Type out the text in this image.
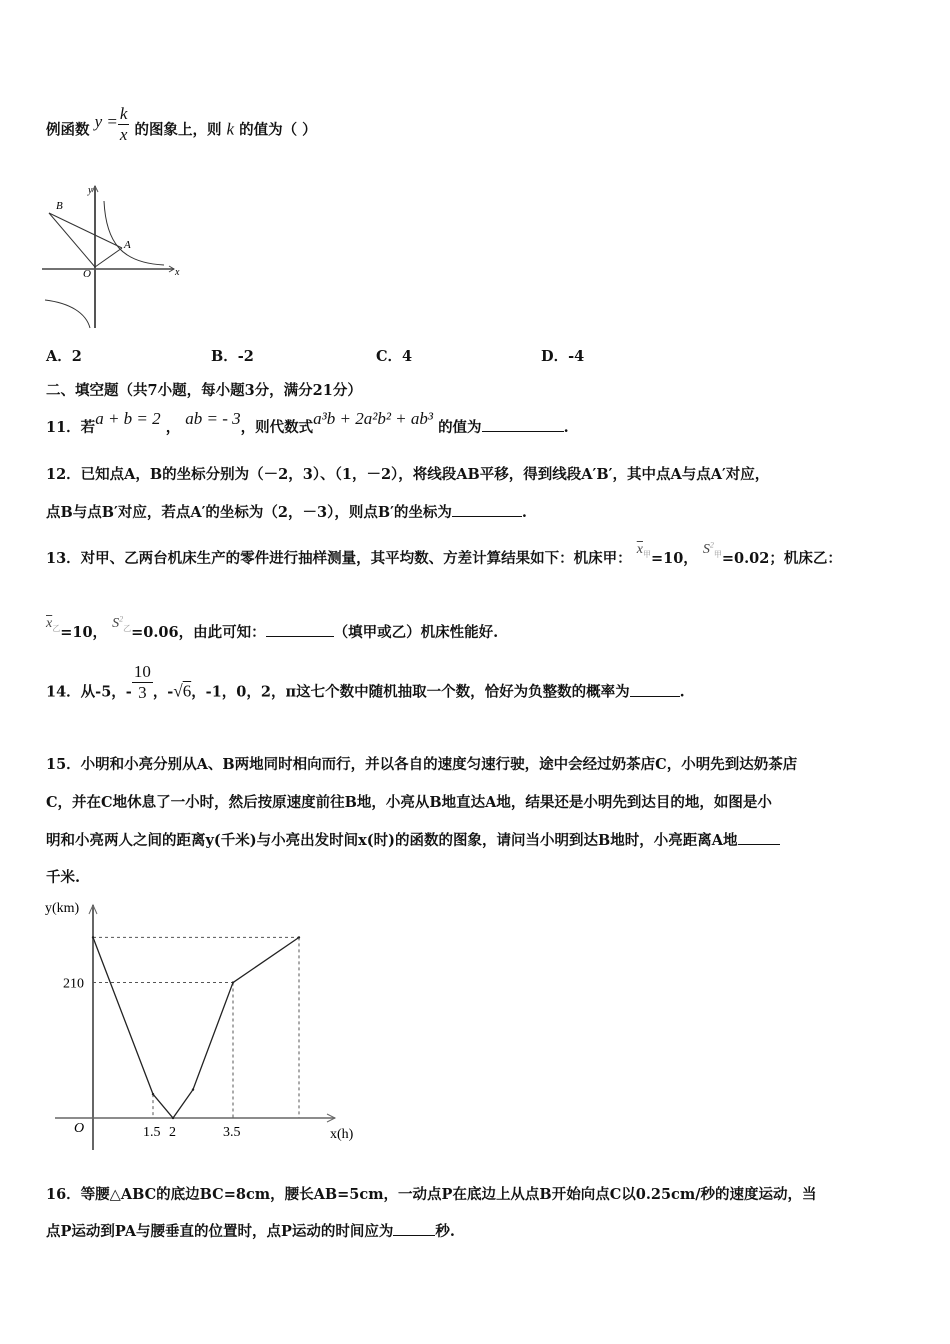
例函数 $y = \frac{k}{x}$ 的图象上，则 k 的值为（ ）
B
A
O
y
x
A．2	B．-2	C．4	D．-4
二、填空题（共7小题，每小题3分，满分21分）
11．若a + b = 2 ， ab = - 3，则代数式a³b + 2a²b² + ab³ 的值为	.
12．已知点A，B的坐标分别为（－2，3）、（1，－2），将线段AB平移，得到线段A′B′，其中点A与点A′对应，
点B与点B′对应，若点A′的坐标为（2，－3），则点B′的坐标为	.
13．对甲、乙两台机床生产的零件进行抽样测量，其平均数、方差计算结果如下：机床甲： $\overline{x}_甲=10$， $S^2_甲=0.02$；机床乙：
$\overline{x}_乙=10$， $S^2_乙=0.06$，由此可知：	（填甲或乙）机床性能好.
14．从-5，- $\frac{10}{3}$ ，-√6，-1，0，2，π这七个数中随机抽取一个数，恰好为负整数的概率为	.
15．小明和小亮分别从A、B两地同时相向而行，并以各自的速度匀速行驶，途中会经过奶茶店C，小明先到达奶茶店
C，并在C地休息了一小时，然后按原速度前往B地，小亮从B地直达A地，结果还是小明先到达目的地，如图是小
明和小亮两人之间的距离y(千米)与小亮出发时间x(时)的函数的图象，请问当小明到达B地时，小亮距离A地
千米.
y(km)
x(h)
O
210
1.5 2	3.5
16．等腰△ABC的底边BC=8cm，腰长AB=5cm，一动点P在底边上从点B开始向点C以0.25cm/秒的速度运动，当
点P运动到PA与腰垂直的位置时，点P运动的时间应为	秒.
